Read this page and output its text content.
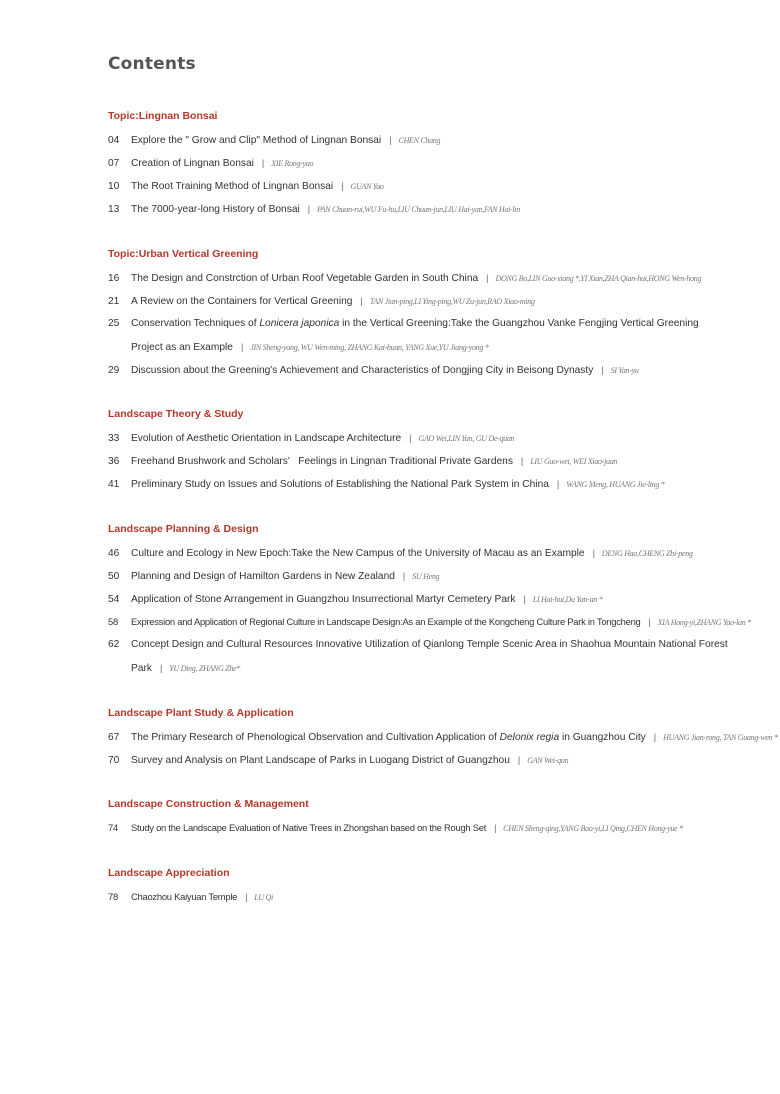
Contents
Topic:Lingnan Bonsai
04 Explore the " Grow and Clip" Method of Lingnan Bonsai | CHEN Chang
07 Creation of Lingnan Bonsai | XIE Rong-yao
10 The Root Training Method of Lingnan Bonsai | GUAN Yao
13 The 7000-year-long History of Bonsai | PAN Chuan-rui,WU Fu-hu,LIU Chuan-jun,LIU Hai-yan,FAN Hai-lin
Topic:Urban Vertical Greening
16 The Design and Constrction of Urban Roof Vegetable Garden in South China | DONG Bo,LIN Guo-xiong *,YI Xian,ZHA Qian-hui,HONG Wen-hong
21 A Review on the Containers for Vertical Greening | TAN Jian-ping,LI Ying-ping,WU Zu-jun,RAO Xiao-ming
25 Conservation Techniques of Lonicera japonica in the Vertical Greening:Take the Guangzhou Vanke Fengjing Vertical Greening
Project as an Example | JIN Sheng-yong, WU Wen-ming, ZHANG Kai-huan, YANG Xue,YU Jiang-yong *
29 Discussion about the Greening's Achievement and Characteristics of Dongjing City in Beisong Dynasty | SI Yan-yu
Landscape Theory & Study
33 Evolution of Aesthetic Orientation in Landscape Architecture | GAO Wei,LIN Yun, GU De-quan
36 Freehand Brushwork and Scholars'   Feelings in Lingnan Traditional Private Gardens | LIU Guo-wei, WEI Xiao-juan
41 Preliminary Study on Issues and Solutions of Establishing the National Park System in China | WANG Meng, HUANG Jie-ling *
Landscape Planning & Design
46 Culture and Ecology in New Epoch:Take the New Campus of the University of Macau as an Example | DENG Hao,CHENG Zhi-peng
50 Planning and Design of Hamilton Gardens in New Zealand | SU Heng
54 Application of Stone Arrangement in Guangzhou Insurrectional Martyr Cemetery Park | LI Hai-hui,Du Yan-an *
58 Expression and Application of Regional Culture in Landscape Design:As an Example of the Kongcheng Culture Park in Tongcheng | XIA Hong-yi,ZHANG Yao-lan *
62 Concept Design and Cultural Resources Innovative Utilization of Qianlong Temple Scenic Area in Shaohua Mountain National Forest
Park | YU Ding, ZHANG Zhe*
Landscape Plant Study & Application
67 The Primary Research of Phenological Observation and Cultivation Application of Delonix regia in Guangzhou City | HUANG Jian-rong, TAN Guang-wen *
70 Survey and Analysis on Plant Landscape of Parks in Luogang District of Guangzhou | GAN Wei-qun
Landscape Construction & Management
74 Study on the Landscape Evaluation of Native Trees in Zhongshan based on the Rough Set | CHEN Sheng-qing,YANG Bao-yi,LI Qing,CHEN Hong-yue *
Landscape Appreciation
78 Chaozhou Kaiyuan Temple | LU Qi
